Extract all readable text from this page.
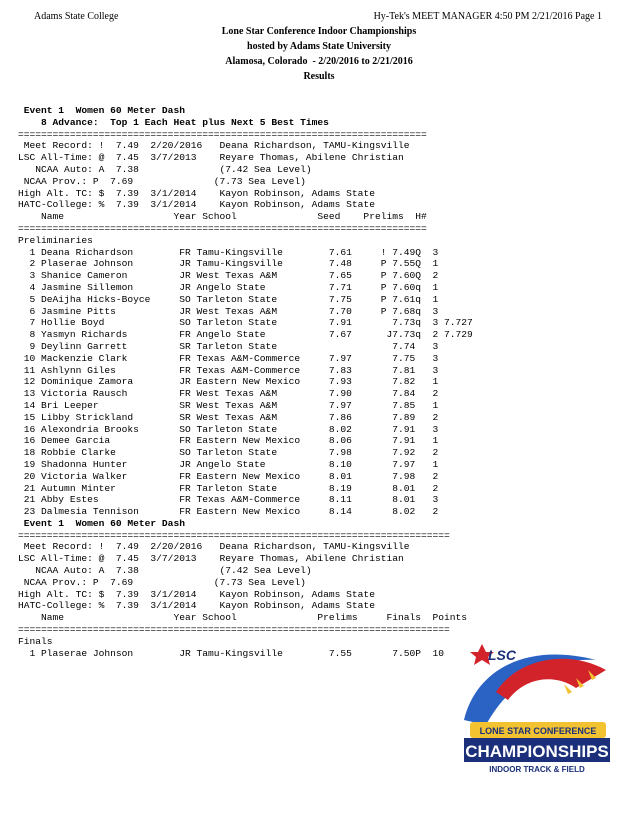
Adams State College	Hy-Tek's MEET MANAGER 4:50 PM 2/21/2016 Page 1
Lone Star Conference Indoor Championships
hosted by Adams State University
Alamosa, Colorado  - 2/20/2016 to 2/21/2016
Results
Event 1  Women 60 Meter Dash
8 Advance:  Top 1 Each Heat plus Next 5 Best Times
=======================================================================
Meet Record: !  7.49  2/20/2016   Deana Richardson, TAMU-Kingsville
LSC All-Time: @  7.45  3/7/2013    Reyare Thomas, Abilene Christian
NCAA Auto: A  7.38              (7.42 Sea Level)
NCAA Prov.: P  7.69              (7.73 Sea Level)
High Alt. TC: $  7.39  3/1/2014    Kayon Robinson, Adams State
HATC-College: %  7.39  3/1/2014    Kayon Robinson, Adams State
Name                   Year School              Seed    Prelims  H#
=======================================================================
Preliminaries
1 Deana Richardson        FR Tamu-Kingsville        7.61     ! 7.49Q  3
2 Plaserae Johnson        JR Tamu-Kingsville        7.48     P 7.55Q  1
3 Shanice Cameron         JR West Texas A&M         7.65     P 7.60Q  2
4 Jasmine Sillemon        JR Angelo State           7.71     P 7.60q  1
5 DeAijha Hicks-Boyce     SO Tarleton State         7.75     P 7.61q  1
6 Jasmine Pitts           JR West Texas A&M         7.70     P 7.68q  3
7 Hollie Boyd             SO Tarleton State         7.91       7.73q  3 7.727
8 Yasmyn Richards         FR Angelo State           7.67      J7.73q  2 7.729
9 Deylinn Garrett         SR Tarleton State                    7.74   3
10 Mackenzie Clark         FR Texas A&M-Commerce     7.97       7.75   3
11 Ashlynn Giles           FR Texas A&M-Commerce     7.83       7.81   3
12 Dominique Zamora        JR Eastern New Mexico     7.93       7.82   1
13 Victoria Rausch         FR West Texas A&M         7.90       7.84   2
14 Bri Leeper              SR West Texas A&M         7.97       7.85   1
15 Libby Strickland        SR West Texas A&M         7.86       7.89   2
16 Alexondria Brooks       SO Tarleton State         8.02       7.91   3
16 Demee Garcia            FR Eastern New Mexico     8.06       7.91   1
18 Robbie Clarke           SO Tarleton State         7.98       7.92   2
19 Shadonna Hunter         JR Angelo State           8.10       7.97   1
20 Victoria Walker         FR Eastern New Mexico     8.01       7.98   2
21 Autumn Minter           FR Tarleton State         8.19       8.01   2
21 Abby Estes              FR Texas A&M-Commerce     8.11       8.01   3
23 Dalmesia Tennison       FR Eastern New Mexico     8.14       8.02   2
Event 1  Women 60 Meter Dash
===========================================================================
Meet Record: !  7.49  2/20/2016   Deana Richardson, TAMU-Kingsville
LSC All-Time: @  7.45  3/7/2013    Reyare Thomas, Abilene Christian
NCAA Auto: A  7.38              (7.42 Sea Level)
NCAA Prov.: P  7.69              (7.73 Sea Level)
High Alt. TC: $  7.39  3/1/2014    Kayon Robinson, Adams State
HATC-College: %  7.39  3/1/2014    Kayon Robinson, Adams State
Name                   Year School              Prelims     Finals  Points
===========================================================================
Finals
1 Plaserae Johnson        JR Tamu-Kingsville        7.55       7.50P  10	LSC
LONE STAR CONFERENCE
CHAMPIONSHIPS
INDOOR TRACK & FIELD
